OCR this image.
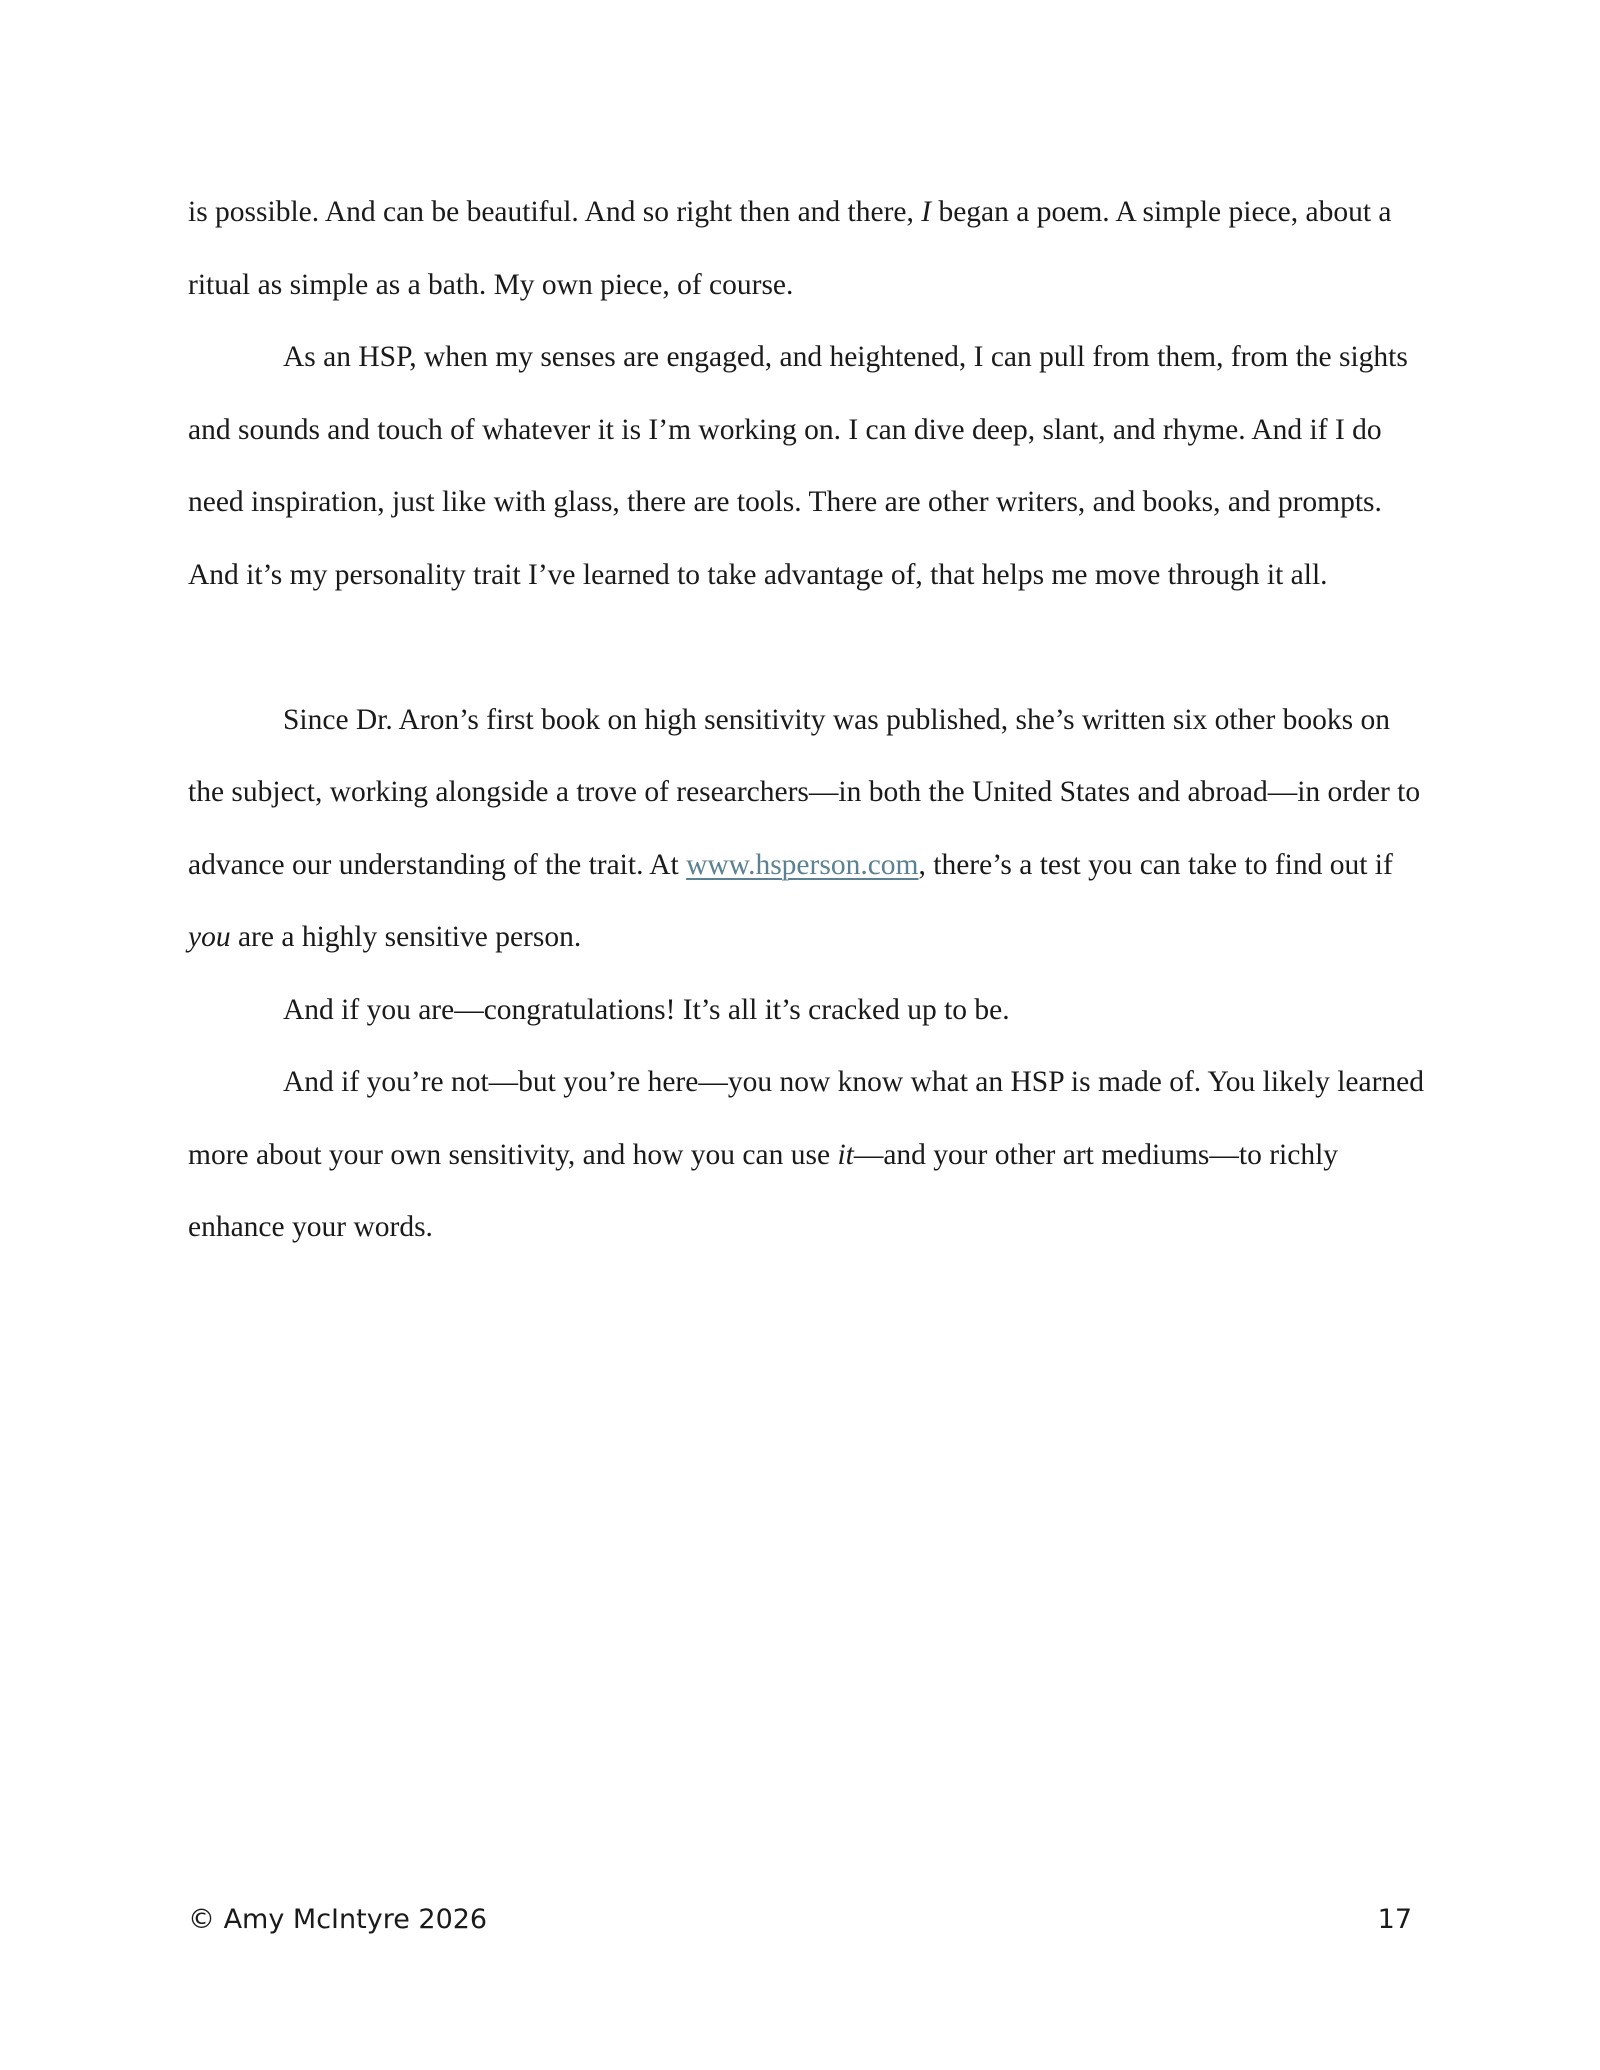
is possible. And can be beautiful. And so right then and there, I began a poem. A simple piece, about a ritual as simple as a bath. My own piece, of course.

As an HSP, when my senses are engaged, and heightened, I can pull from them, from the sights and sounds and touch of whatever it is I’m working on. I can dive deep, slant, and rhyme. And if I do need inspiration, just like with glass, there are tools. There are other writers, and books, and prompts. And it’s my personality trait I’ve learned to take advantage of, that helps me move through it all.

Since Dr. Aron’s first book on high sensitivity was published, she’s written six other books on the subject, working alongside a trove of researchers—in both the United States and abroad—in order to advance our understanding of the trait. At www.hsperson.com, there’s a test you can take to find out if you are a highly sensitive person.

And if you are—congratulations! It’s all it’s cracked up to be.

And if you’re not—but you’re here—you now know what an HSP is made of. You likely learned more about your own sensitivity, and how you can use it—and your other art mediums—to richly enhance your words.

© Amy McIntyre 2026	17
